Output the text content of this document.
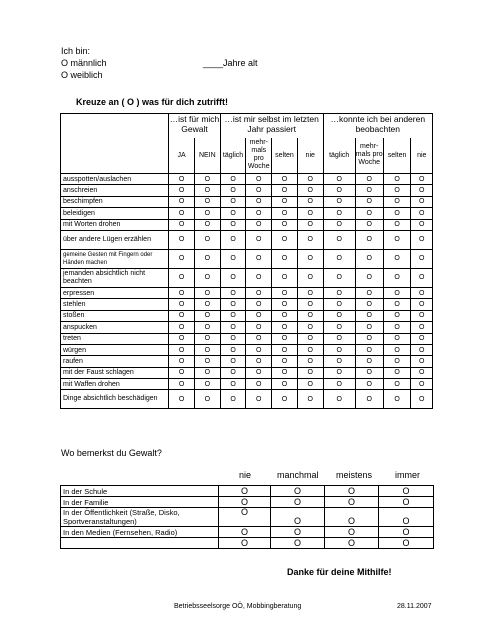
Ich bin:
O männlich	____Jahre alt
O weiblich
Kreuze an ( O ) was für dich zutrifft!
	…ist für mich Gewalt		…ist mir selbst im letzten Jahr passiert				…konnte ich bei anderen beobachten			
	JA	NEIN	täglich	mehr- mals pro Woche	selten	nie	täglich	mehr- mals pro Woche	selten	nie
ausspotten/auslachen	O	O	O	O	O	O	O	O	O	O
anschreien	O	O	O	O	O	O	O	O	O	O
beschimpfen	O	O	O	O	O	O	O	O	O	O
beleidigen	O	O	O	O	O	O	O	O	O	O
mit Worten drohen	O	O	O	O	O	O	O	O	O	O
über andere Lügen erzählen	O	O	O	O	O	O	O	O	O	O
gemeine Gesten mit Fingern oder Händen machen	O	O	O	O	O	O	O	O	O	O
jemanden absichtlich nicht beachten	O	O	O	O	O	O	O	O	O	O
erpressen	O	O	O	O	O	O	O	O	O	O
stehlen	O	O	O	O	O	O	O	O	O	O
stoßen	O	O	O	O	O	O	O	O	O	O
anspucken	O	O	O	O	O	O	O	O	O	O
treten	O	O	O	O	O	O	O	O	O	O
würgen	O	O	O	O	O	O	O	O	O	O
raufen	O	O	O	O	O	O	O	O	O	O
mit der Faust schlagen	O	O	O	O	O	O	O	O	O	O
mit Waffen drohen	O	O	O	O	O	O	O	O	O	O
Dinge absichtlich beschädigen	O	O	O	O	O	O	O	O	O	O
Wo bemerkst du Gewalt?
nie	manchmal meistens	immer
In der Schule	O	O	O	O
In der Familie	O	O	O	O
In der Öffentlichkeit (Straße, Disko, Sportveranstaltungen)	O	O	O	O
In den Medien (Fernsehen, Radio)	O	O	O	O
	O	O	O	O
Danke für deine Mithilfe!
Betriebsseelsorge OÖ, Mobbingberatung	28.11.2007
